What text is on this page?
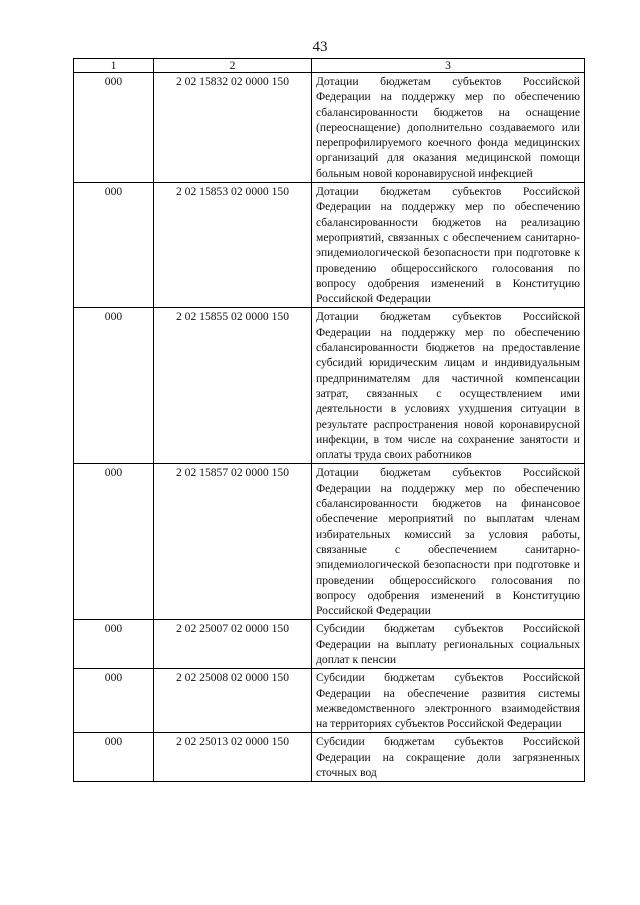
43
1	2	3
000	2 02 15832 02 0000 150	Дотации бюджетам субъектов Российской Федерации на поддержку мер по обеспечению сбалансированности бюджетов на оснащение (переоснащение) дополнительно создаваемого или перепрофилируемого коечного фонда медицинских организаций для оказания медицинской помощи больным новой коронавирусной инфекцией
000	2 02 15853 02 0000 150	Дотации бюджетам субъектов Российской Федерации на поддержку мер по обеспечению сбалансированности бюджетов на реализацию мероприятий, связанных с обеспечением санитарно-эпидемиологической безопасности при подготовке к проведению общероссийского голосования по вопросу одобрения изменений в Конституцию Российской Федерации
000	2 02 15855 02 0000 150	Дотации бюджетам субъектов Российской Федерации на поддержку мер по обеспечению сбалансированности бюджетов на предоставление субсидий юридическим лицам и индивидуальным предпринимателям для частичной компенсации затрат, связанных с осуществлением ими деятельности в условиях ухудшения ситуации в результате распространения новой коронавирусной инфекции, в том числе на сохранение занятости и оплаты труда своих работников
000	2 02 15857 02 0000 150	Дотации бюджетам субъектов Российской Федерации на поддержку мер по обеспечению сбалансированности бюджетов на финансовое обеспечение мероприятий по выплатам членам избирательных комиссий за условия работы, связанные с обеспечением санитарно-эпидемиологической безопасности при подготовке и проведении общероссийского голосования по вопросу одобрения изменений в Конституцию Российской Федерации
000	2 02 25007 02 0000 150	Субсидии бюджетам субъектов Российской Федерации на выплату региональных социальных доплат к пенсии
000	2 02 25008 02 0000 150	Субсидии бюджетам субъектов Российской Федерации на обеспечение развития системы межведомственного электронного взаимодействия на территориях субъектов Российской Федерации
000	2 02 25013 02 0000 150	Субсидии бюджетам субъектов Российской Федерации на сокращение доли загрязненных сточных вод
